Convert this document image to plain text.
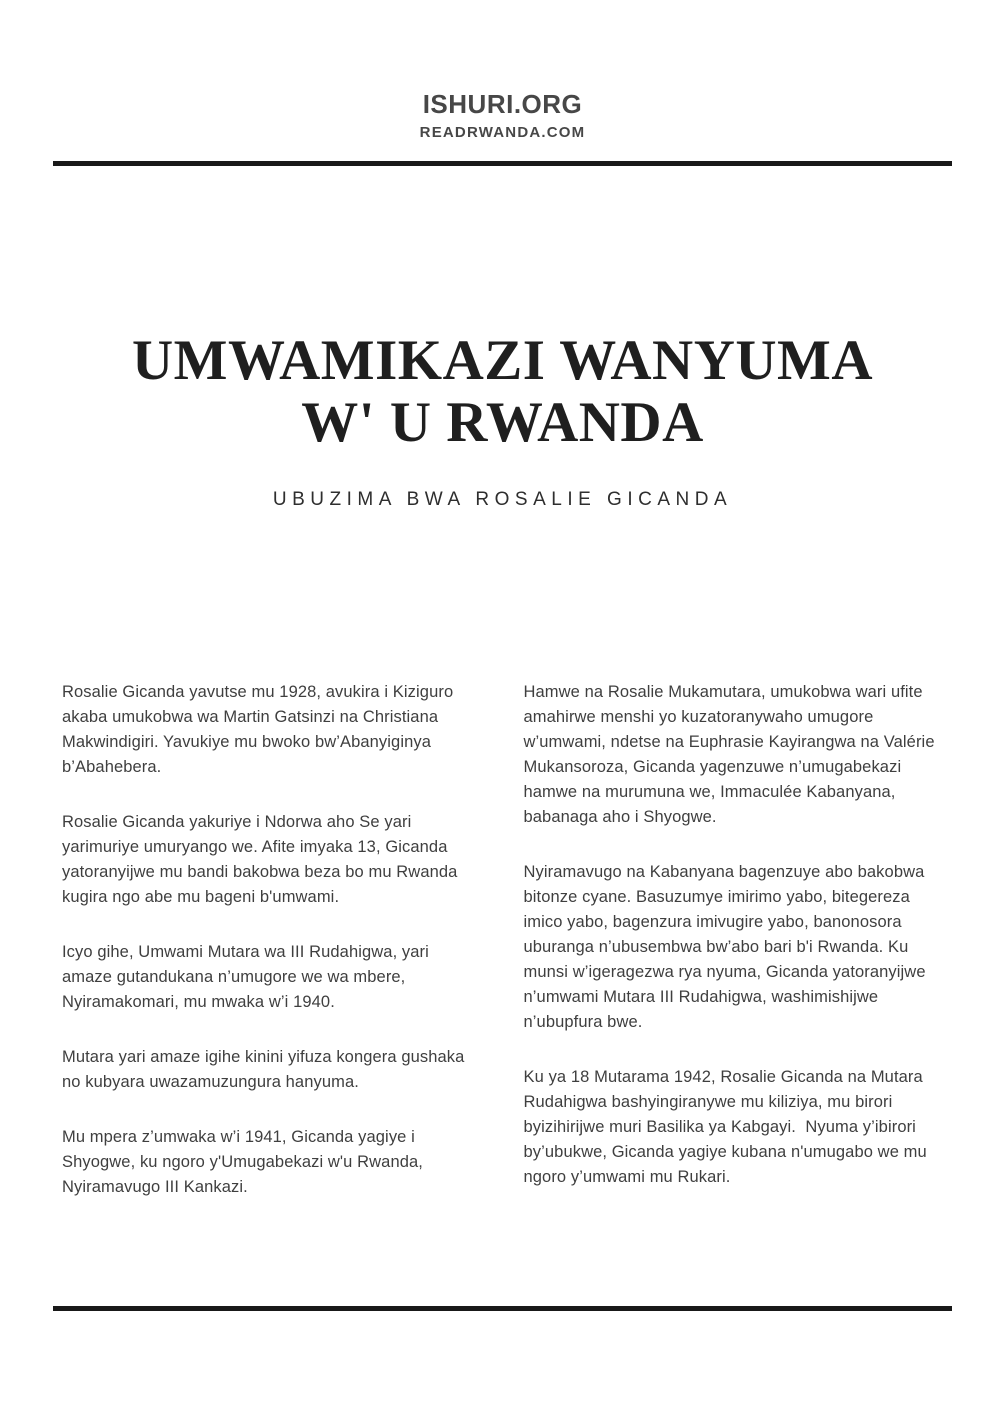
ISHURI.ORG
READRWANDA.COM
UMWAMIKAZI WANYUMA W' U RWANDA
UBUZIMA BWA ROSALIE GICANDA

Rosalie Gicanda yavutse mu 1928, avukira i Kiziguro akaba umukobwa wa Martin Gatsinzi na Christiana Makwindigiri. Yavukiye mu bwoko bw’Abanyiginya b’Abahebera.

Rosalie Gicanda yakuriye i Ndorwa aho Se yari yarimuriye umuryango we. Afite imyaka 13, Gicanda yatoranyijwe mu bandi bakobwa beza bo mu Rwanda kugira ngo abe mu bageni b'umwami.

Icyo gihe, Umwami Mutara wa III Rudahigwa, yari amaze gutandukana n’umugore we wa mbere, Nyiramakomari, mu mwaka w’i 1940.

Mutara yari amaze igihe kinini yifuza kongera gushaka no kubyara uwazamuzungura hanyuma.

Mu mpera z’umwaka w’i 1941, Gicanda yagiye i Shyogwe, ku ngoro y'Umugabekazi w'u Rwanda, Nyiramavugo III Kankazi.

Hamwe na Rosalie Mukamutara, umukobwa wari ufite amahirwe menshi yo kuzatoranywaho umugore w’umwami, ndetse na Euphrasie Kayirangwa na Valérie Mukansoroza, Gicanda yagenzuwe n’umugabekazi hamwe na murumuna we, Immaculée Kabanyana, babanaga aho i Shyogwe.

Nyiramavugo na Kabanyana bagenzuye abo bakobwa bitonze cyane. Basuzumye imirimo yabo, bitegereza imico yabo, bagenzura imivugire yabo, banonosora uburanga n’ubusembwa bw’abo bari b'i Rwanda. Ku munsi w’igeragezwa rya nyuma, Gicanda yatoranyijwe n’umwami Mutara III Rudahigwa, washimishijwe n’ubupfura bwe.

Ku ya 18 Mutarama 1942, Rosalie Gicanda na Mutara Rudahigwa bashyingiranywe mu kiliziya, mu birori byizihirijwe muri Basilika ya Kabgayi.  Nyuma y’ibirori by’ubukwe, Gicanda yagiye kubana n'umugabo we mu ngoro y’umwami mu Rukari.
